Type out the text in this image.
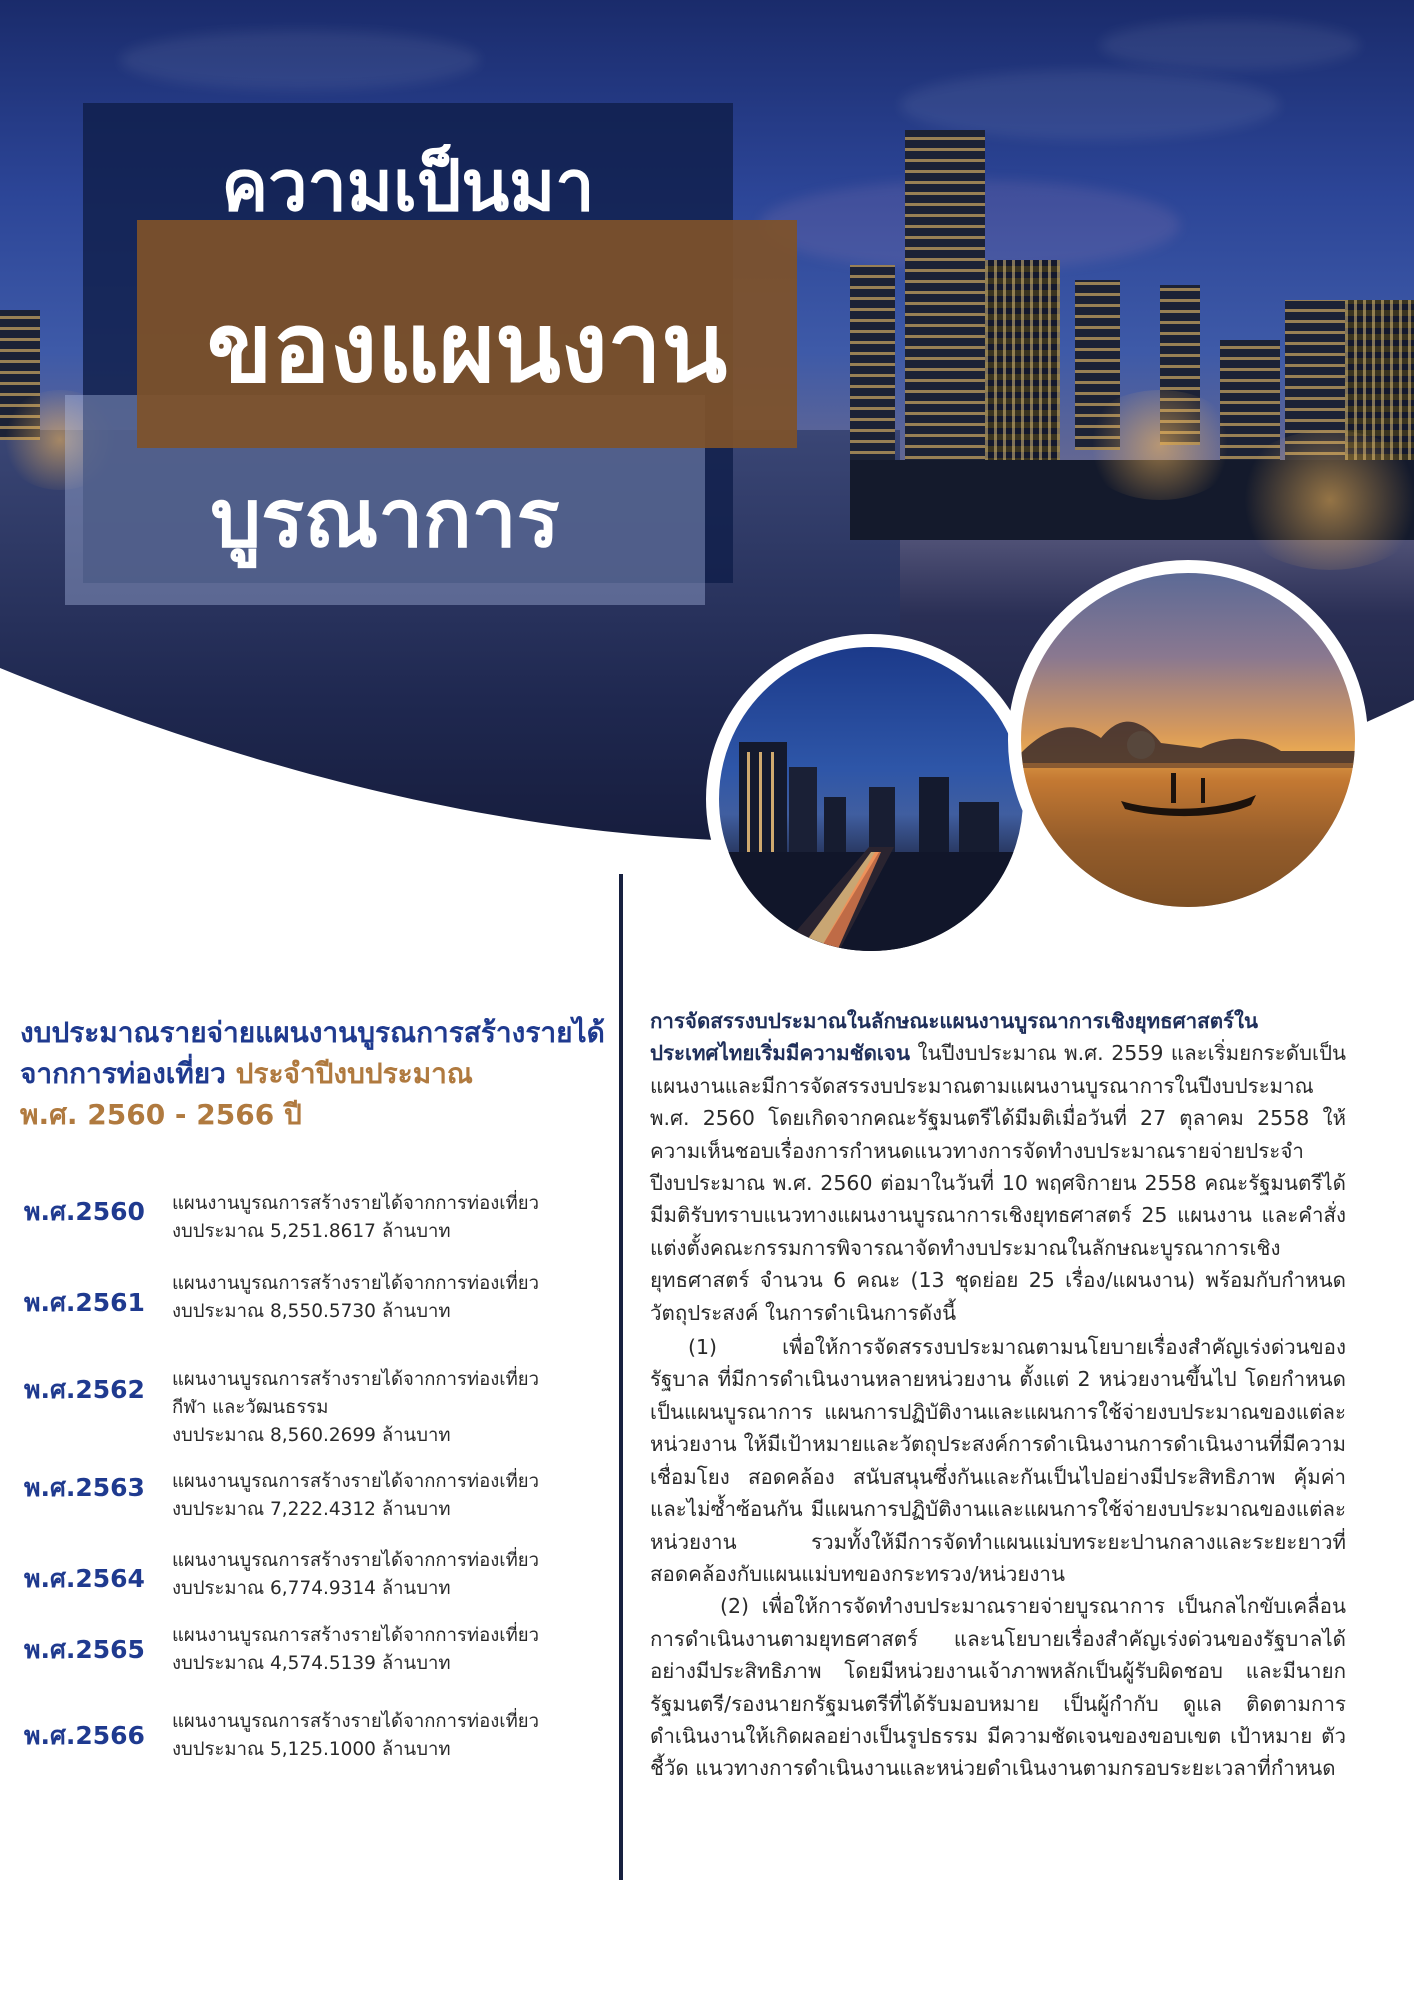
ความเป็นมา
ของแผนงาน
บูรณาการ
งบประมาณรายจ่ายแผนงานบูรณการสร้างรายได้จากการท่องเที่ยว ประจำปีงบประมาณ
พ.ศ. 2560 - 2566 ปี
พ.ศ.2560 แผนงานบูรณการสร้างรายได้จากการท่องเที่ยว
งบประมาณ 5,251.8617 ล้านบาท
พ.ศ.2561
แผนงานบูรณการสร้างรายได้จากการท่องเที่ยว
งบประมาณ 8,550.5730 ล้านบาท
พ.ศ.2562 แผนงานบูรณการสร้างรายได้จากการท่องเที่ยว
กีฬา และวัฒนธรรม
งบประมาณ 8,560.2699 ล้านบาท
พ.ศ.2563 แผนงานบูรณการสร้างรายได้จากการท่องเที่ยว
งบประมาณ 7,222.4312 ล้านบาท
พ.ศ.2564
แผนงานบูรณการสร้างรายได้จากการท่องเที่ยว
งบประมาณ 6,774.9314 ล้านบาท
พ.ศ.2565 แผนงานบูรณการสร้างรายได้จากการท่องเที่ยว
งบประมาณ 4,574.5139 ล้านบาท
พ.ศ.2566 แผนงานบูรณการสร้างรายได้จากการท่องเที่ยว
งบประมาณ 5,125.1000 ล้านบาท

การจัดสรรงบประมาณในลักษณะแผนงานบูรณาการเชิงยุทธศาสตร์ในประเทศไทยเริ่มมีความชัดเจน ในปีงบประมาณ พ.ศ. 2559 และเริ่มยกระดับเป็นแผนงานและมีการจัดสรรงบประมาณตามแผนงานบูรณาการในปีงบประมาณ พ.ศ. 2560 โดยเกิดจากคณะรัฐมนตรีได้มีมติเมื่อวันที่ 27 ตุลาคม 2558 ให้ความเห็นชอบเรื่องการกำหนดแนวทางการจัดทำงบประมาณรายจ่ายประจำปีงบประมาณ พ.ศ. 2560 ต่อมาในวันที่ 10 พฤศจิกายน 2558 คณะรัฐมนตรีได้มีมติรับทราบแนวทางแผนงานบูรณาการเชิงยุทธศาสตร์ 25 แผนงาน และคำสั่งแต่งตั้งคณะกรรมการพิจารณาจัดทำงบประมาณในลักษณะบูรณาการเชิงยุทธศาสตร์ จำนวน 6 คณะ (13 ชุดย่อย 25 เรื่อง/แผนงาน) พร้อมกับกำหนดวัตถุประสงค์ ในการดำเนินการดังนี้

(1) เพื่อให้การจัดสรรงบประมาณตามนโยบายเรื่องสำคัญเร่งด่วนของรัฐบาล ที่มีการดำเนินงานหลายหน่วยงาน ตั้งแต่ 2 หน่วยงานขึ้นไป โดยกำหนดเป็นแผนบูรณาการ แผนการปฏิบัติงานและแผนการใช้จ่ายงบประมาณของแต่ละหน่วยงาน ให้มีเป้าหมายและวัตถุประสงค์การดำเนินงานการดำเนินงานที่มีความเชื่อมโยง สอดคล้อง สนับสนุนซึ่งกันและกันเป็นไปอย่างมีประสิทธิภาพ คุ้มค่าและไม่ซ้ำซ้อนกัน มีแผนการปฏิบัติงานและแผนการใช้จ่ายงบประมาณของแต่ละหน่วยงาน รวมทั้งให้มีการจัดทำแผนแม่บทระยะปานกลางและระยะยาวที่สอดคล้องกับแผนแม่บทของกระทรวง/หน่วยงาน

(2) เพื่อให้การจัดทำงบประมาณรายจ่ายบูรณาการ เป็นกลไกขับเคลื่อนการดำเนินงานตามยุทธศาสตร์ และนโยบายเรื่องสำคัญเร่งด่วนของรัฐบาลได้อย่างมีประสิทธิภาพ โดยมีหน่วยงานเจ้าภาพหลักเป็นผู้รับผิดชอบ และมีนายกรัฐมนตรี/รองนายกรัฐมนตรีที่ได้รับมอบหมาย เป็นผู้กำกับ ดูแล ติดตามการดำเนินงานให้เกิดผลอย่างเป็นรูปธรรม มีความชัดเจนของขอบเขต เป้าหมาย ตัวชี้วัด แนวทางการดำเนินงานและหน่วยดำเนินงานตามกรอบระยะเวลาที่กำหนด
